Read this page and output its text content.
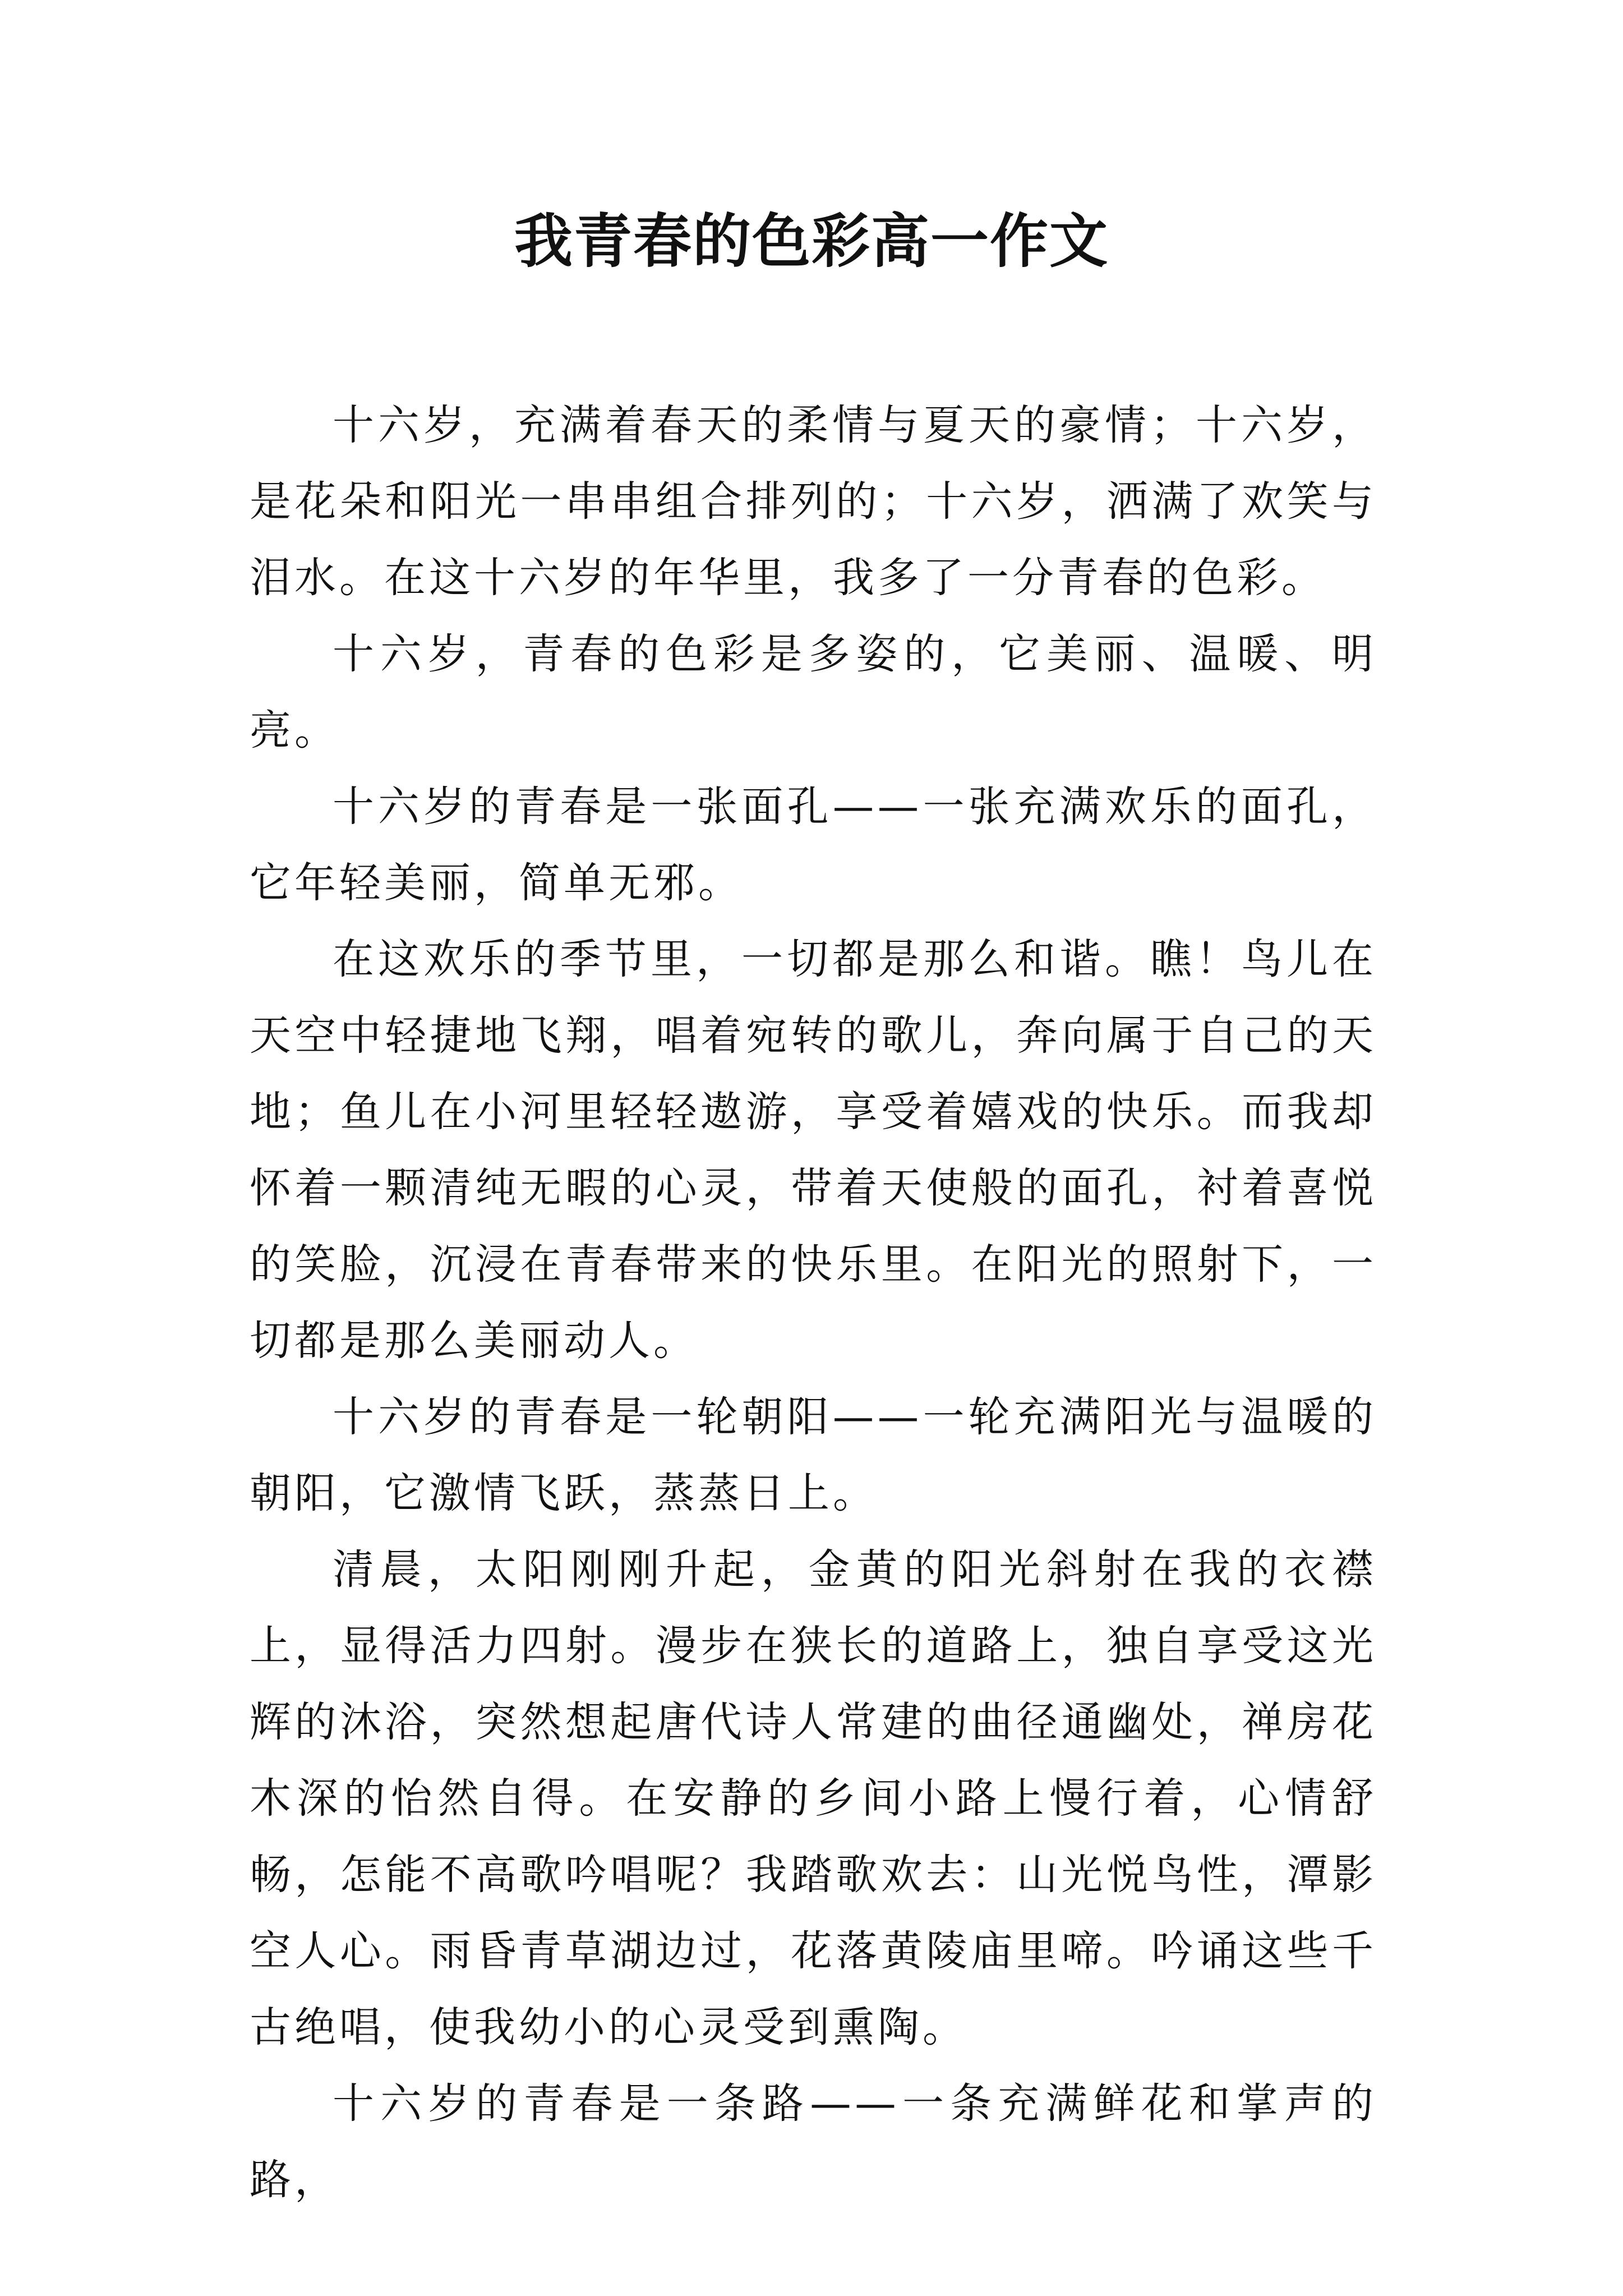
我青春的色彩高一作文

十六岁，充满着春天的柔情与夏天的豪情；十六岁，是花朵和阳光一串串组合排列的；十六岁，洒满了欢笑与泪水。在这十六岁的年华里，我多了一分青春的色彩。

十六岁，青春的色彩是多姿的，它美丽、温暖、明亮。

十六岁的青春是一张面孔——一张充满欢乐的面孔，它年轻美丽，简单无邪。

在这欢乐的季节里，一切都是那么和谐。瞧！鸟儿在天空中轻捷地飞翔，唱着宛转的歌儿，奔向属于自己的天地；鱼儿在小河里轻轻遨游，享受着嬉戏的快乐。而我却怀着一颗清纯无暇的心灵，带着天使般的面孔，衬着喜悦的笑脸，沉浸在青春带来的快乐里。在阳光的照射下，一切都是那么美丽动人。

十六岁的青春是一轮朝阳——一轮充满阳光与温暖的朝阳，它激情飞跃，蒸蒸日上。

清晨，太阳刚刚升起，金黄的阳光斜射在我的衣襟上，显得活力四射。漫步在狭长的道路上，独自享受这光辉的沐浴，突然想起唐代诗人常建的曲径通幽处，禅房花木深的怡然自得。在安静的乡间小路上慢行着，心情舒畅，怎能不高歌吟唱呢？我踏歌欢去：山光悦鸟性，潭影空人心。雨昏青草湖边过，花落黄陵庙里啼。吟诵这些千古绝唱，使我幼小的心灵受到熏陶。

十六岁的青春是一条路——一条充满鲜花和掌声的路，
